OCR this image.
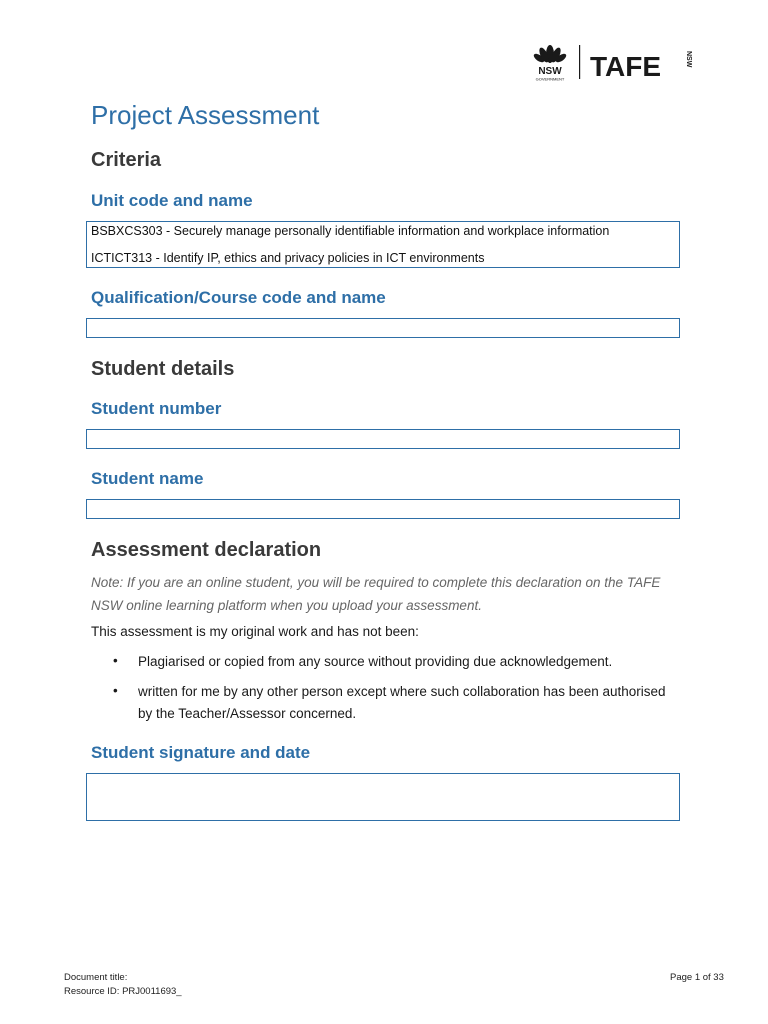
NSW
GOVERNMENT TAFE	NSW
Project Assessment
Criteria
Unit code and name
BSBXCS303 - Securely manage personally identifiable information and workplace information
ICTICT313 - Identify IP, ethics and privacy policies in ICT environments
Qualification/Course code and name
Student details
Student number
Student name
Assessment declaration

Note: If you are an online student, you will be required to complete this declaration on the TAFE NSW online learning platform when you upload your assessment.

This assessment is my original work and has not been:

• Plagiarised or copied from any source without providing due acknowledgement.
• written for me by any other person except where such collaboration has been authorised by the Teacher/Assessor concerned.
Student signature and date
Document title:
Resource ID: PRJ0011693_
Page 1 of 33
